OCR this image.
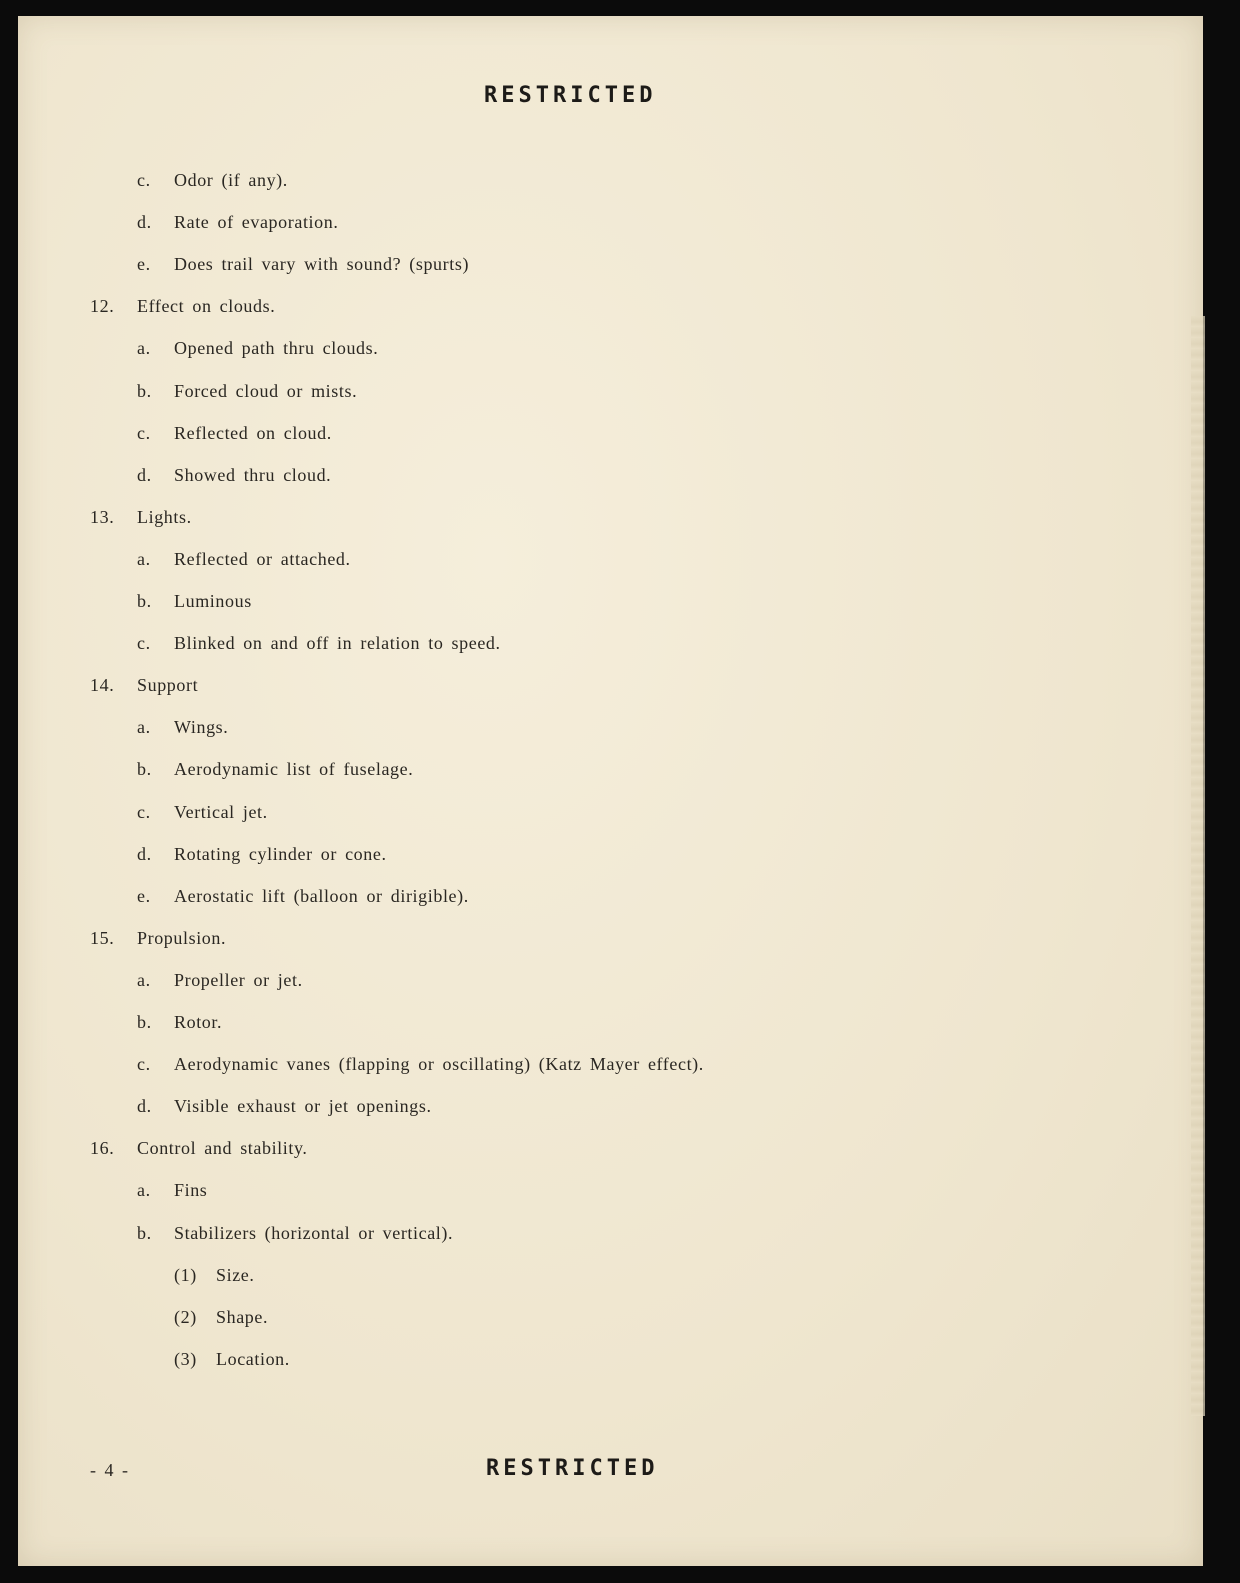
RESTRICTED
c. Odor (if any).
d. Rate of evaporation.
e. Does trail vary with sound? (spurts)
12. Effect on clouds.
a. Opened path thru clouds.
b. Forced cloud or mists.
c. Reflected on cloud.
d. Showed thru cloud.
13. Lights.
a. Reflected or attached.
b. Luminous
c. Blinked on and off in relation to speed.
14. Support
a. Wings.
b. Aerodynamic list of fuselage.
c. Vertical jet.
d. Rotating cylinder or cone.
e. Aerostatic lift (balloon or dirigible).
15. Propulsion.
a. Propeller or jet.
b. Rotor.
c. Aerodynamic vanes (flapping or oscillating) (Katz Mayer effect).
d. Visible exhaust or jet openings.
16. Control and stability.
a. Fins
b. Stabilizers (horizontal or vertical).
(1) Size.
(2) Shape.
(3) Location.
- 4 -	RESTRICTED
